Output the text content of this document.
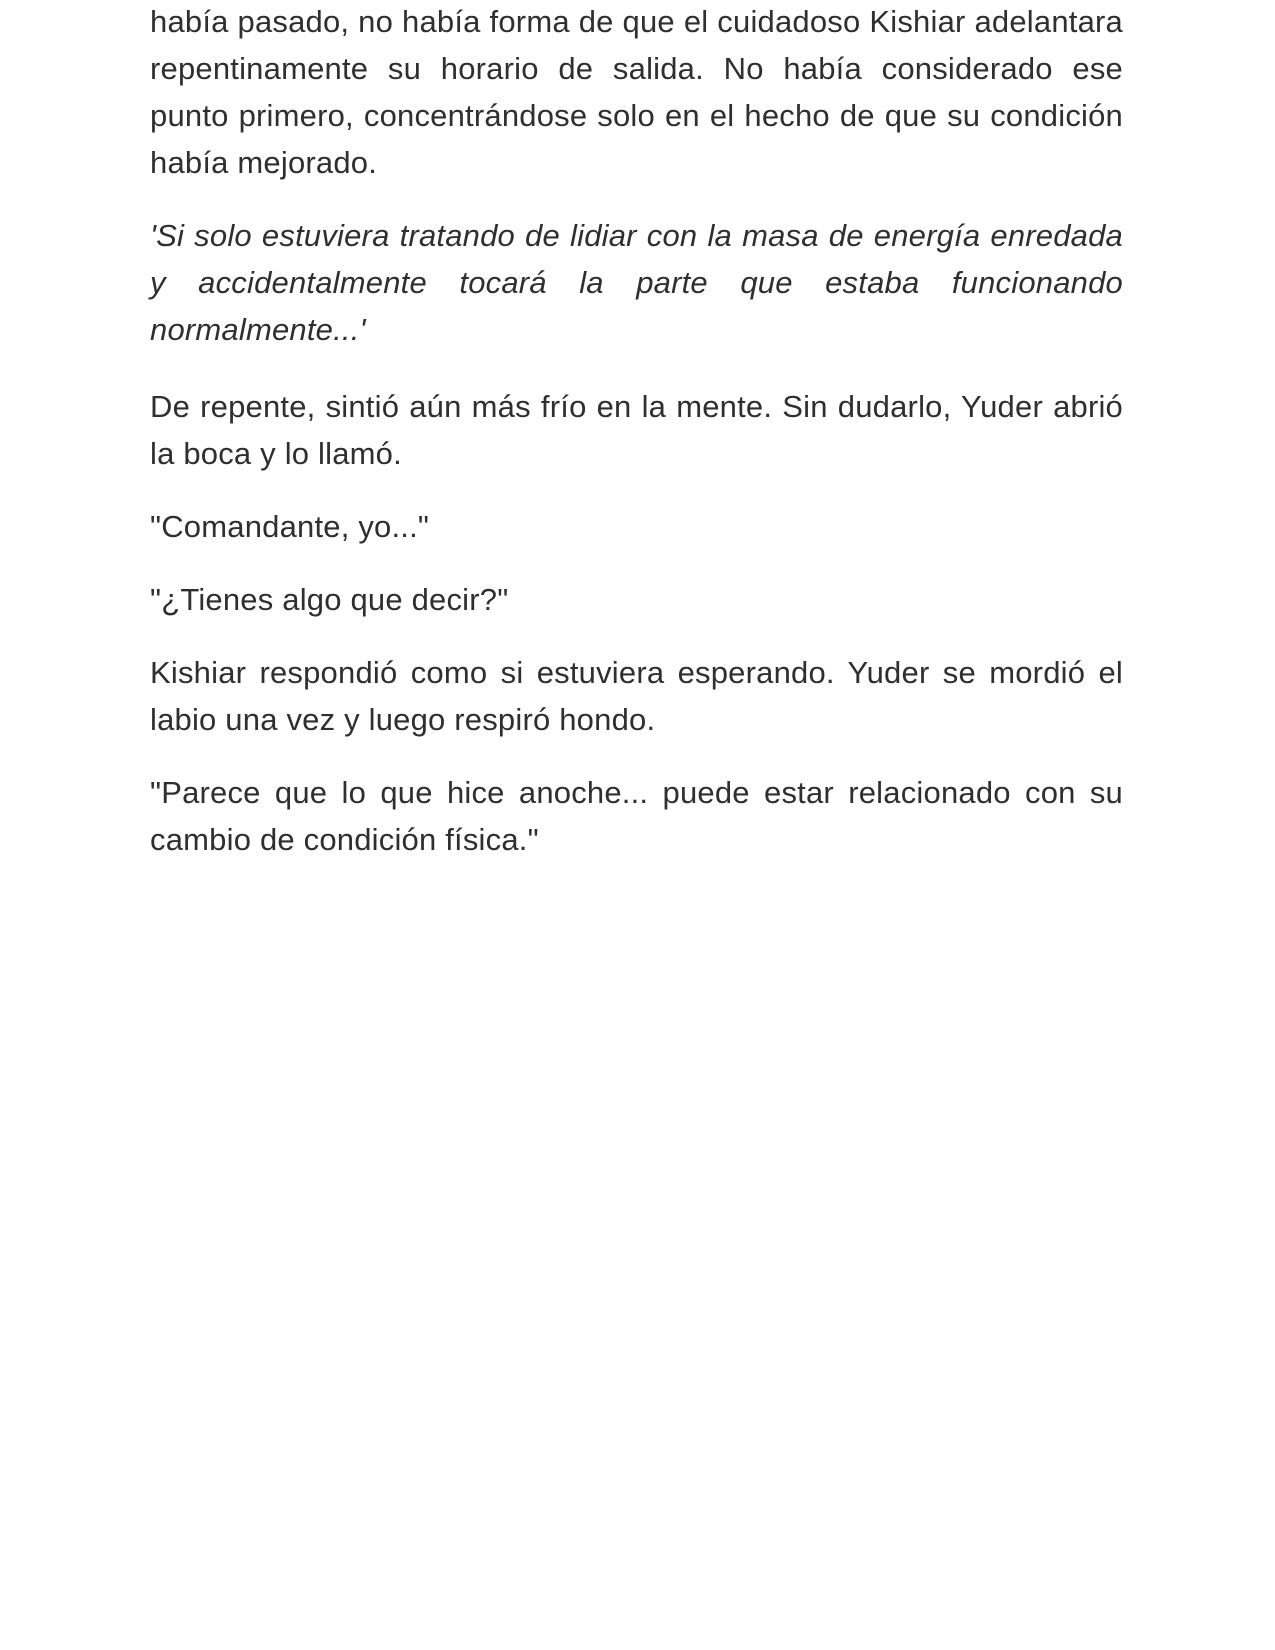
había pasado, no había forma de que el cuidadoso Kishiar adelantara repentinamente su horario de salida. No había considerado ese punto primero, concentrándose solo en el hecho de que su condición había mejorado.

'Si solo estuviera tratando de lidiar con la masa de energía enredada y accidentalmente tocará la parte que estaba funcionando normalmente...'

De repente, sintió aún más frío en la mente. Sin dudarlo, Yuder abrió la boca y lo llamó.

"Comandante, yo..."

"¿Tienes algo que decir?"

Kishiar respondió como si estuviera esperando. Yuder se mordió el labio una vez y luego respiró hondo.

"Parece que lo que hice anoche... puede estar relacionado con su cambio de condición física."
